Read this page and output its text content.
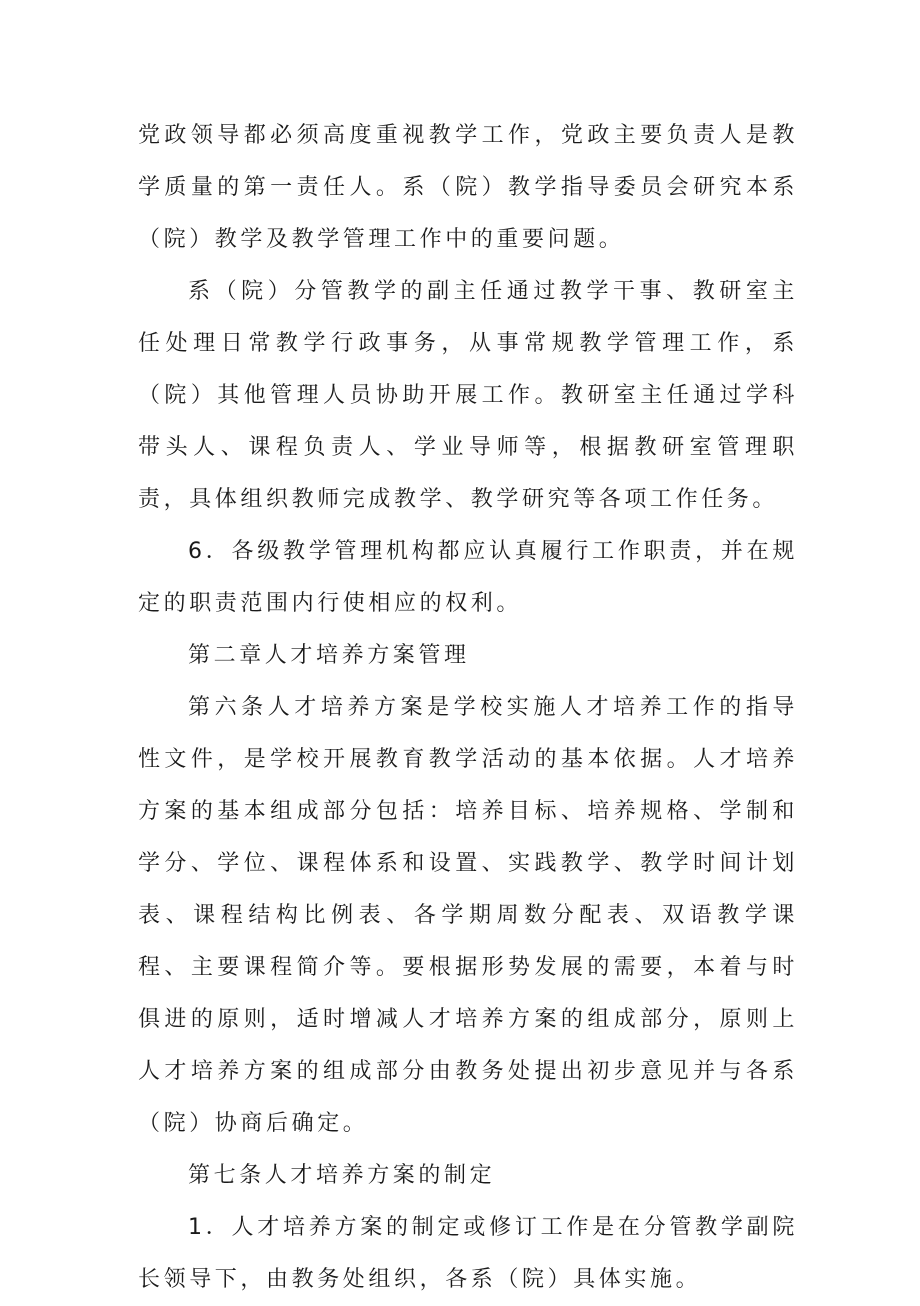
党政领导都必须高度重视教学工作，党政主要负责人是教学质量的第一责任人。系（院）教学指导委员会研究本系（院）教学及教学管理工作中的重要问题。

系（院）分管教学的副主任通过教学干事、教研室主任处理日常教学行政事务，从事常规教学管理工作，系（院）其他管理人员协助开展工作。教研室主任通过学科带头人、课程负责人、学业导师等，根据教研室管理职责，具体组织教师完成教学、教学研究等各项工作任务。

6．各级教学管理机构都应认真履行工作职责，并在规定的职责范围内行使相应的权利。

第二章人才培养方案管理

第六条人才培养方案是学校实施人才培养工作的指导性文件，是学校开展教育教学活动的基本依据。人才培养方案的基本组成部分包括：培养目标、培养规格、学制和学分、学位、课程体系和设置、实践教学、教学时间计划表、课程结构比例表、各学期周数分配表、双语教学课程、主要课程简介等。要根据形势发展的需要，本着与时俱进的原则，适时增减人才培养方案的组成部分，原则上人才培养方案的组成部分由教务处提出初步意见并与各系（院）协商后确定。

第七条人才培养方案的制定

1．人才培养方案的制定或修订工作是在分管教学副院长领导下，由教务处组织，各系（院）具体实施。
